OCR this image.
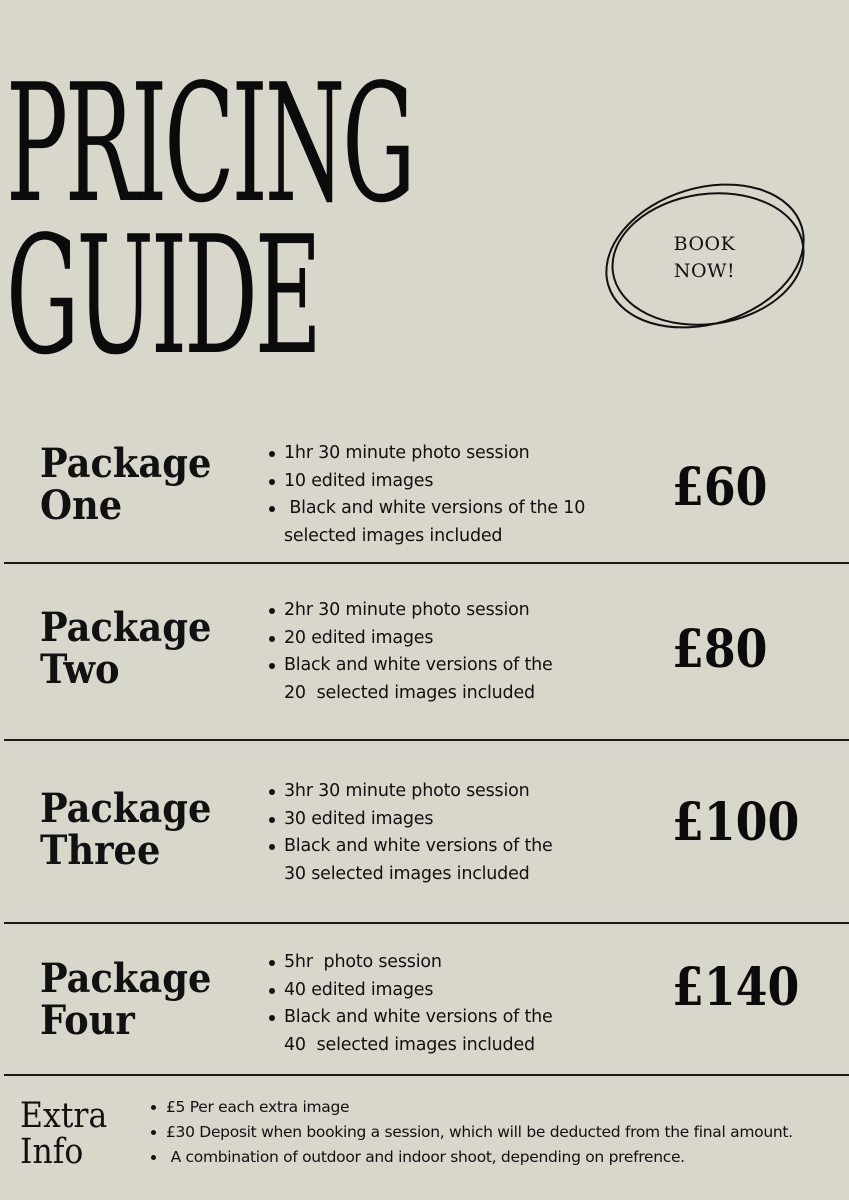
PRICING
GUIDE	BOOK
NOW!
Package
One
1hr 30 minute photo session
10 edited images
Black and white versions of the 10
selected images included
£60
Package
Two
2hr 30 minute photo session
20 edited images
Black and white versions of the
20  selected images included
£80
Package
Three
3hr 30 minute photo session
30 edited images
Black and white versions of the
30 selected images included
£100
Package
Four
5hr  photo session
40 edited images
Black and white versions of the
40  selected images included
£140
Extra
Info
£5 Per each extra image
£30 Deposit when booking a session, which will be deducted from the final amount.
A combination of outdoor and indoor shoot, depending on prefrence.
